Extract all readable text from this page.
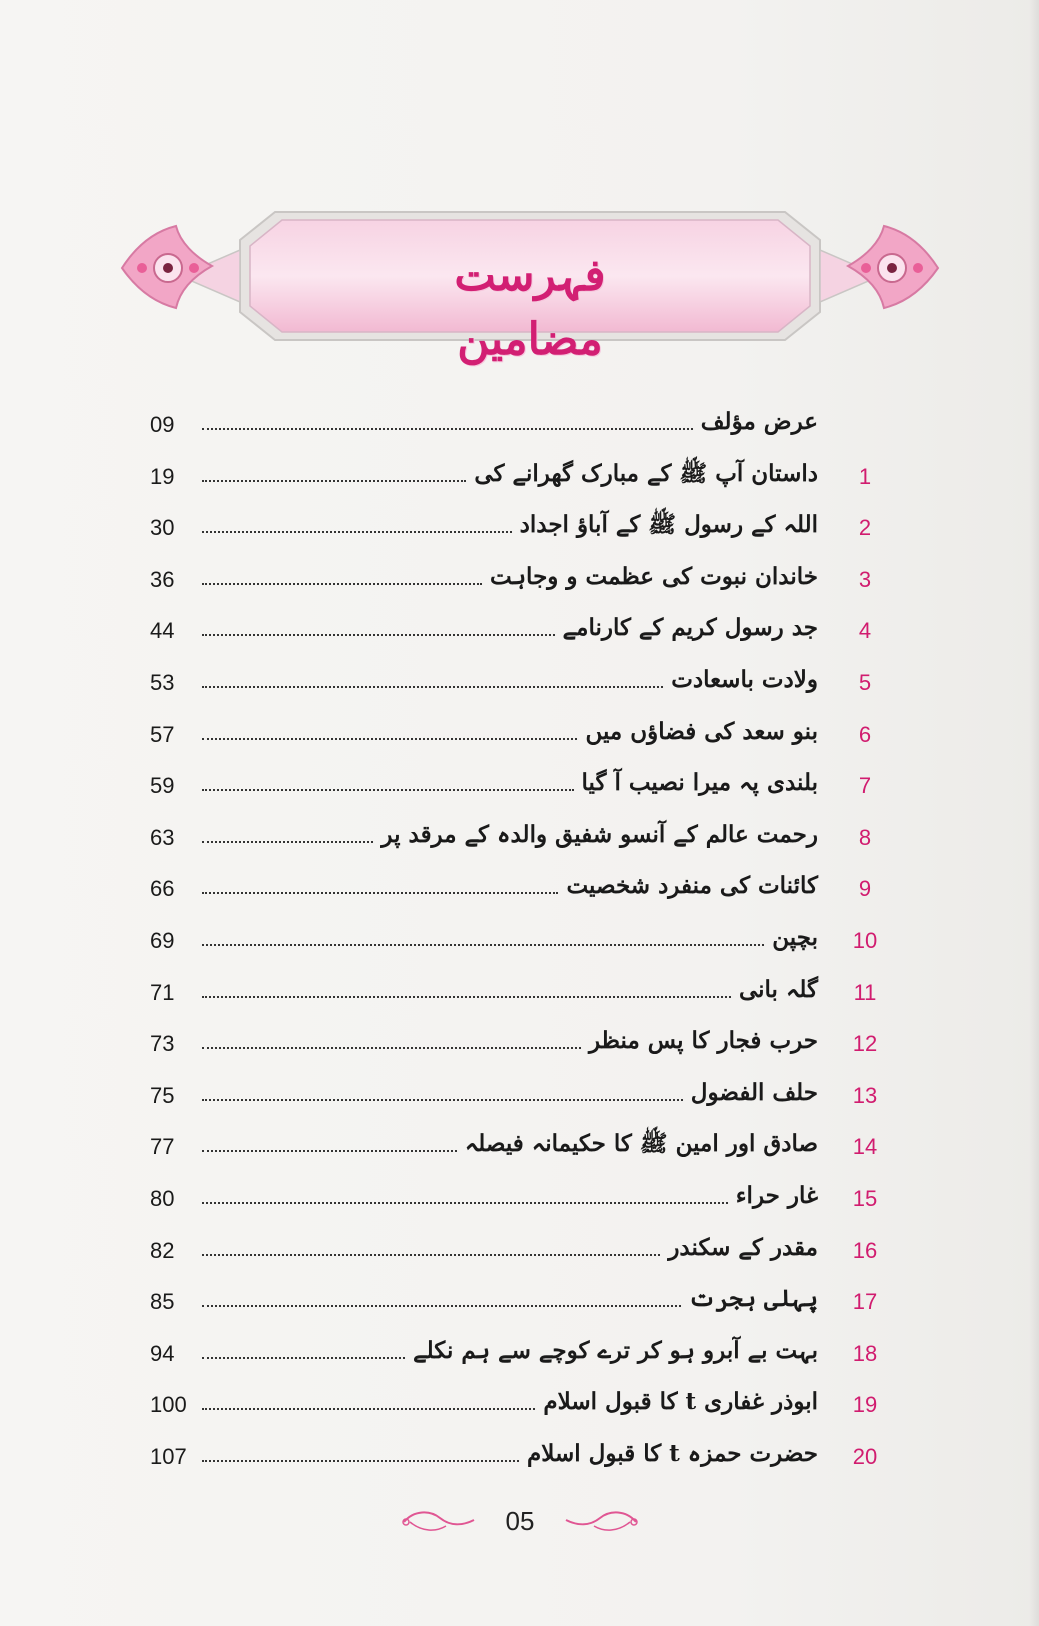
فہرست مضامین
عرض مؤلف
09
1
داستان آپ ﷺ کے مبارک گھرانے کی
19
2
اللہ کے رسول ﷺ کے آباؤ اجداد
30
3
خاندان نبوت کی عظمت و وجاہت
36
4
جد رسول کریم کے کارنامے
44
5
ولادت باسعادت
53
6
بنو سعد کی فضاؤں میں
57
7
بلندی پہ میرا نصیب آ گیا
59
8
رحمت عالم کے آنسو شفیق والدہ کے مرقد پر
63
9
کائنات کی منفرد شخصیت
66
10
بچپن
69
11
گلہ بانی
71
12
حرب فجار کا پس منظر
73
13
حلف الفضول
75
14
صادق اور امین ﷺ کا حکیمانہ فیصلہ
77
15
غار حراء
80
16
مقدر کے سکندر
82
17
پہلی ہجرت
85
18
بہت بے آبرو ہو کر ترے کوچے سے ہم نکلے
94
19
ابوذر غفاری t کا قبول اسلام
100
20
حضرت حمزہ t کا قبول اسلام
107
05
